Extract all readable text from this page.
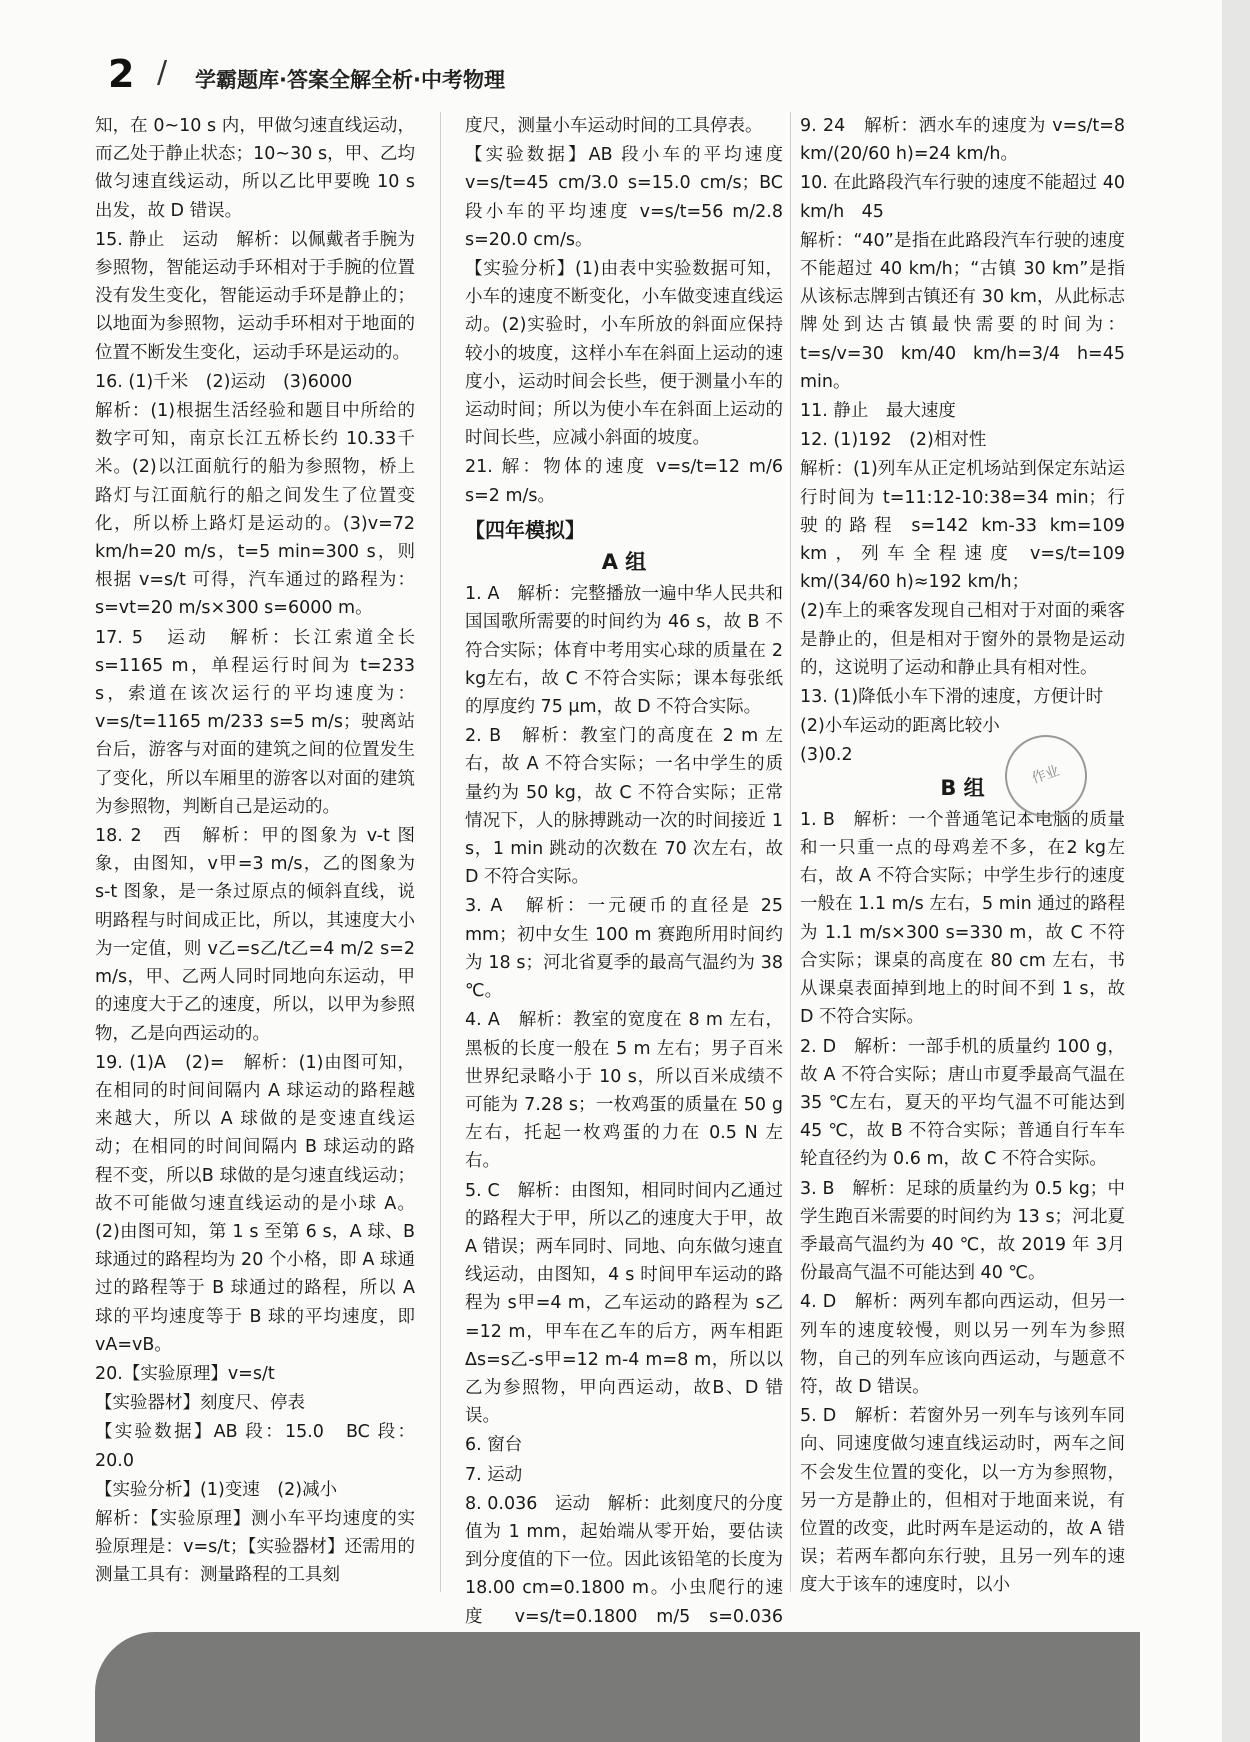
2 / 学霸题库·答案全解全析·中考物理

知，在 0~10 s 内，甲做匀速直线运动，而乙处于静止状态；10~30 s，甲、乙均做匀速直线运动，所以乙比甲要晚 10 s出发，故 D 错误。

15. 静止　运动　解析：以佩戴者手腕为参照物，智能运动手环相对于手腕的位置没有发生变化，智能运动手环是静止的；以地面为参照物，运动手环相对于地面的位置不断发生变化，运动手环是运动的。

16. (1)千米　(2)运动　(3)6000

解析：(1)根据生活经验和题目中所给的数字可知，南京长江五桥长约 10.33千米。(2)以江面航行的船为参照物，桥上路灯与江面航行的船之间发生了位置变化，所以桥上路灯是运动的。(3)v=72 km/h=20 m/s，t=5 min=300 s，则根据 v=s/t 可得，汽车通过的路程为：s=vt=20 m/s×300 s=6000 m。

17. 5　运动　解析：长江索道全长 s=1165 m，单程运行时间为 t=233 s，索道在该次运行的平均速度为：v=s/t=1165 m/233 s=5 m/s；驶离站台后，游客与对面的建筑之间的位置发生了变化，所以车厢里的游客以对面的建筑为参照物，判断自己是运动的。

18. 2　西　解析：甲的图象为 v-t 图象，由图知，v甲=3 m/s，乙的图象为 s-t 图象，是一条过原点的倾斜直线，说明路程与时间成正比，所以，其速度大小为一定值，则 v乙=s乙/t乙=4 m/2 s=2 m/s，甲、乙两人同时同地向东运动，甲的速度大于乙的速度，所以，以甲为参照物，乙是向西运动的。

19. (1)A　(2)=　解析：(1)由图可知，在相同的时间间隔内 A 球运动的路程越来越大，所以 A 球做的是变速直线运动；在相同的时间间隔内 B 球运动的路程不变，所以B 球做的是匀速直线运动；故不可能做匀速直线运动的是小球 A。(2)由图可知，第 1 s 至第 6 s，A 球、B 球通过的路程均为 20 个小格，即 A 球通过的路程等于 B 球通过的路程，所以 A 球的平均速度等于 B 球的平均速度，即 vA=vB。

20.【实验原理】v=s/t

【实验器材】刻度尺、停表

【实验数据】AB 段：15.0　BC 段：20.0

【实验分析】(1)变速　(2)减小

解析：【实验原理】测小车平均速度的实验原理是：v=s/t；【实验器材】还需用的测量工具有：测量路程的工具刻

度尺，测量小车运动时间的工具停表。

【实验数据】AB 段小车的平均速度 v=s/t=45 cm/3.0 s=15.0 cm/s；BC 段小车的平均速度 v=s/t=56 m/2.8 s=20.0 cm/s。

【实验分析】(1)由表中实验数据可知，小车的速度不断变化，小车做变速直线运动。(2)实验时，小车所放的斜面应保持较小的坡度，这样小车在斜面上运动的速度小，运动时间会长些，便于测量小车的运动时间；所以为使小车在斜面上运动的时间长些，应减小斜面的坡度。

21. 解：物体的速度 v=s/t=12 m/6 s=2 m/s。

【四年模拟】
A 组

1. A　解析：完整播放一遍中华人民共和国国歌所需要的时间约为 46 s，故 B 不符合实际；体育中考用实心球的质量在 2 kg左右，故 C 不符合实际；课本每张纸的厚度约 75 μm，故 D 不符合实际。

2. B　解析：教室门的高度在 2 m 左右，故 A 不符合实际；一名中学生的质量约为 50 kg，故 C 不符合实际；正常情况下，人的脉搏跳动一次的时间接近 1 s，1 min 跳动的次数在 70 次左右，故 D 不符合实际。

3. A　解析：一元硬币的直径是 25 mm；初中女生 100 m 赛跑所用时间约为 18 s；河北省夏季的最高气温约为 38 ℃。

4. A　解析：教室的宽度在 8 m 左右，黑板的长度一般在 5 m 左右；男子百米世界纪录略小于 10 s，所以百米成绩不可能为 7.28 s；一枚鸡蛋的质量在 50 g左右，托起一枚鸡蛋的力在 0.5 N 左右。

5. C　解析：由图知，相同时间内乙通过的路程大于甲，所以乙的速度大于甲，故A 错误；两车同时、同地、向东做匀速直线运动，由图知，4 s 时间甲车运动的路程为 s甲=4 m，乙车运动的路程为 s乙=12 m，甲车在乙车的后方，两车相距 Δs=s乙-s甲=12 m-4 m=8 m，所以以乙为参照物，甲向西运动，故B、D 错误。

6. 窗台

7. 运动

8. 0.036　运动　解析：此刻度尺的分度值为 1 mm，起始端从零开始，要估读到分度值的下一位。因此该铅笔的长度为 18.00 cm=0.1800 m。小虫爬行的速度 v=s/t=0.1800 m/5 s=0.036

9. 24　解析：洒水车的速度为 v=s/t=8 km/(20/60 h)=24 km/h。

10. 在此路段汽车行驶的速度不能超过 40 km/h　45

解析：“40”是指在此路段汽车行驶的速度不能超过 40 km/h；“古镇 30 km”是指从该标志牌到古镇还有 30 km，从此标志牌处到达古镇最快需要的时间为：t=s/v=30 km/40 km/h=3/4 h=45 min。

11. 静止　最大速度

12. (1)192　(2)相对性

解析：(1)列车从正定机场站到保定东站运行时间为 t=11:12-10:38=34 min；行驶的路程 s=142 km-33 km=109 km，列车全程速度 v=s/t=109 km/(34/60 h)≈192 km/h；

(2)车上的乘客发现自己相对于对面的乘客是静止的，但是相对于窗外的景物是运动的，这说明了运动和静止具有相对性。

13. (1)降低小车下滑的速度，方便计时

(2)小车运动的距离比较小

(3)0.2

B 组

1. B　解析：一个普通笔记本电脑的质量和一只重一点的母鸡差不多，在2 kg左右，故 A 不符合实际；中学生步行的速度一般在 1.1 m/s 左右，5 min 通过的路程为 1.1 m/s×300 s=330 m，故 C 不符合实际；课桌的高度在 80 cm 左右，书从课桌表面掉到地上的时间不到 1 s，故 D 不符合实际。

2. D　解析：一部手机的质量约 100 g，故 A 不符合实际；唐山市夏季最高气温在 35 ℃左右，夏天的平均气温不可能达到 45 ℃，故 B 不符合实际；普通自行车车轮直径约为 0.6 m，故 C 不符合实际。

3. B　解析：足球的质量约为 0.5 kg；中学生跑百米需要的时间约为 13 s；河北夏季最高气温约为 40 ℃，故 2019 年 3月份最高气温不可能达到 40 ℃。

4. D　解析：两列车都向西运动，但另一列车的速度较慢，则以另一列车为参照物，自己的列车应该向西运动，与题意不符，故 D 错误。

5. D　解析：若窗外另一列车与该列车同向、同速度做匀速直线运动时，两车之间不会发生位置的变化，以一方为参照物，另一方是静止的，但相对于地面来说，有位置的改变，此时两车是运动的，故 A 错误；若两车都向东行驶，且另一列车的速度大于该车的速度时，以小

作业
